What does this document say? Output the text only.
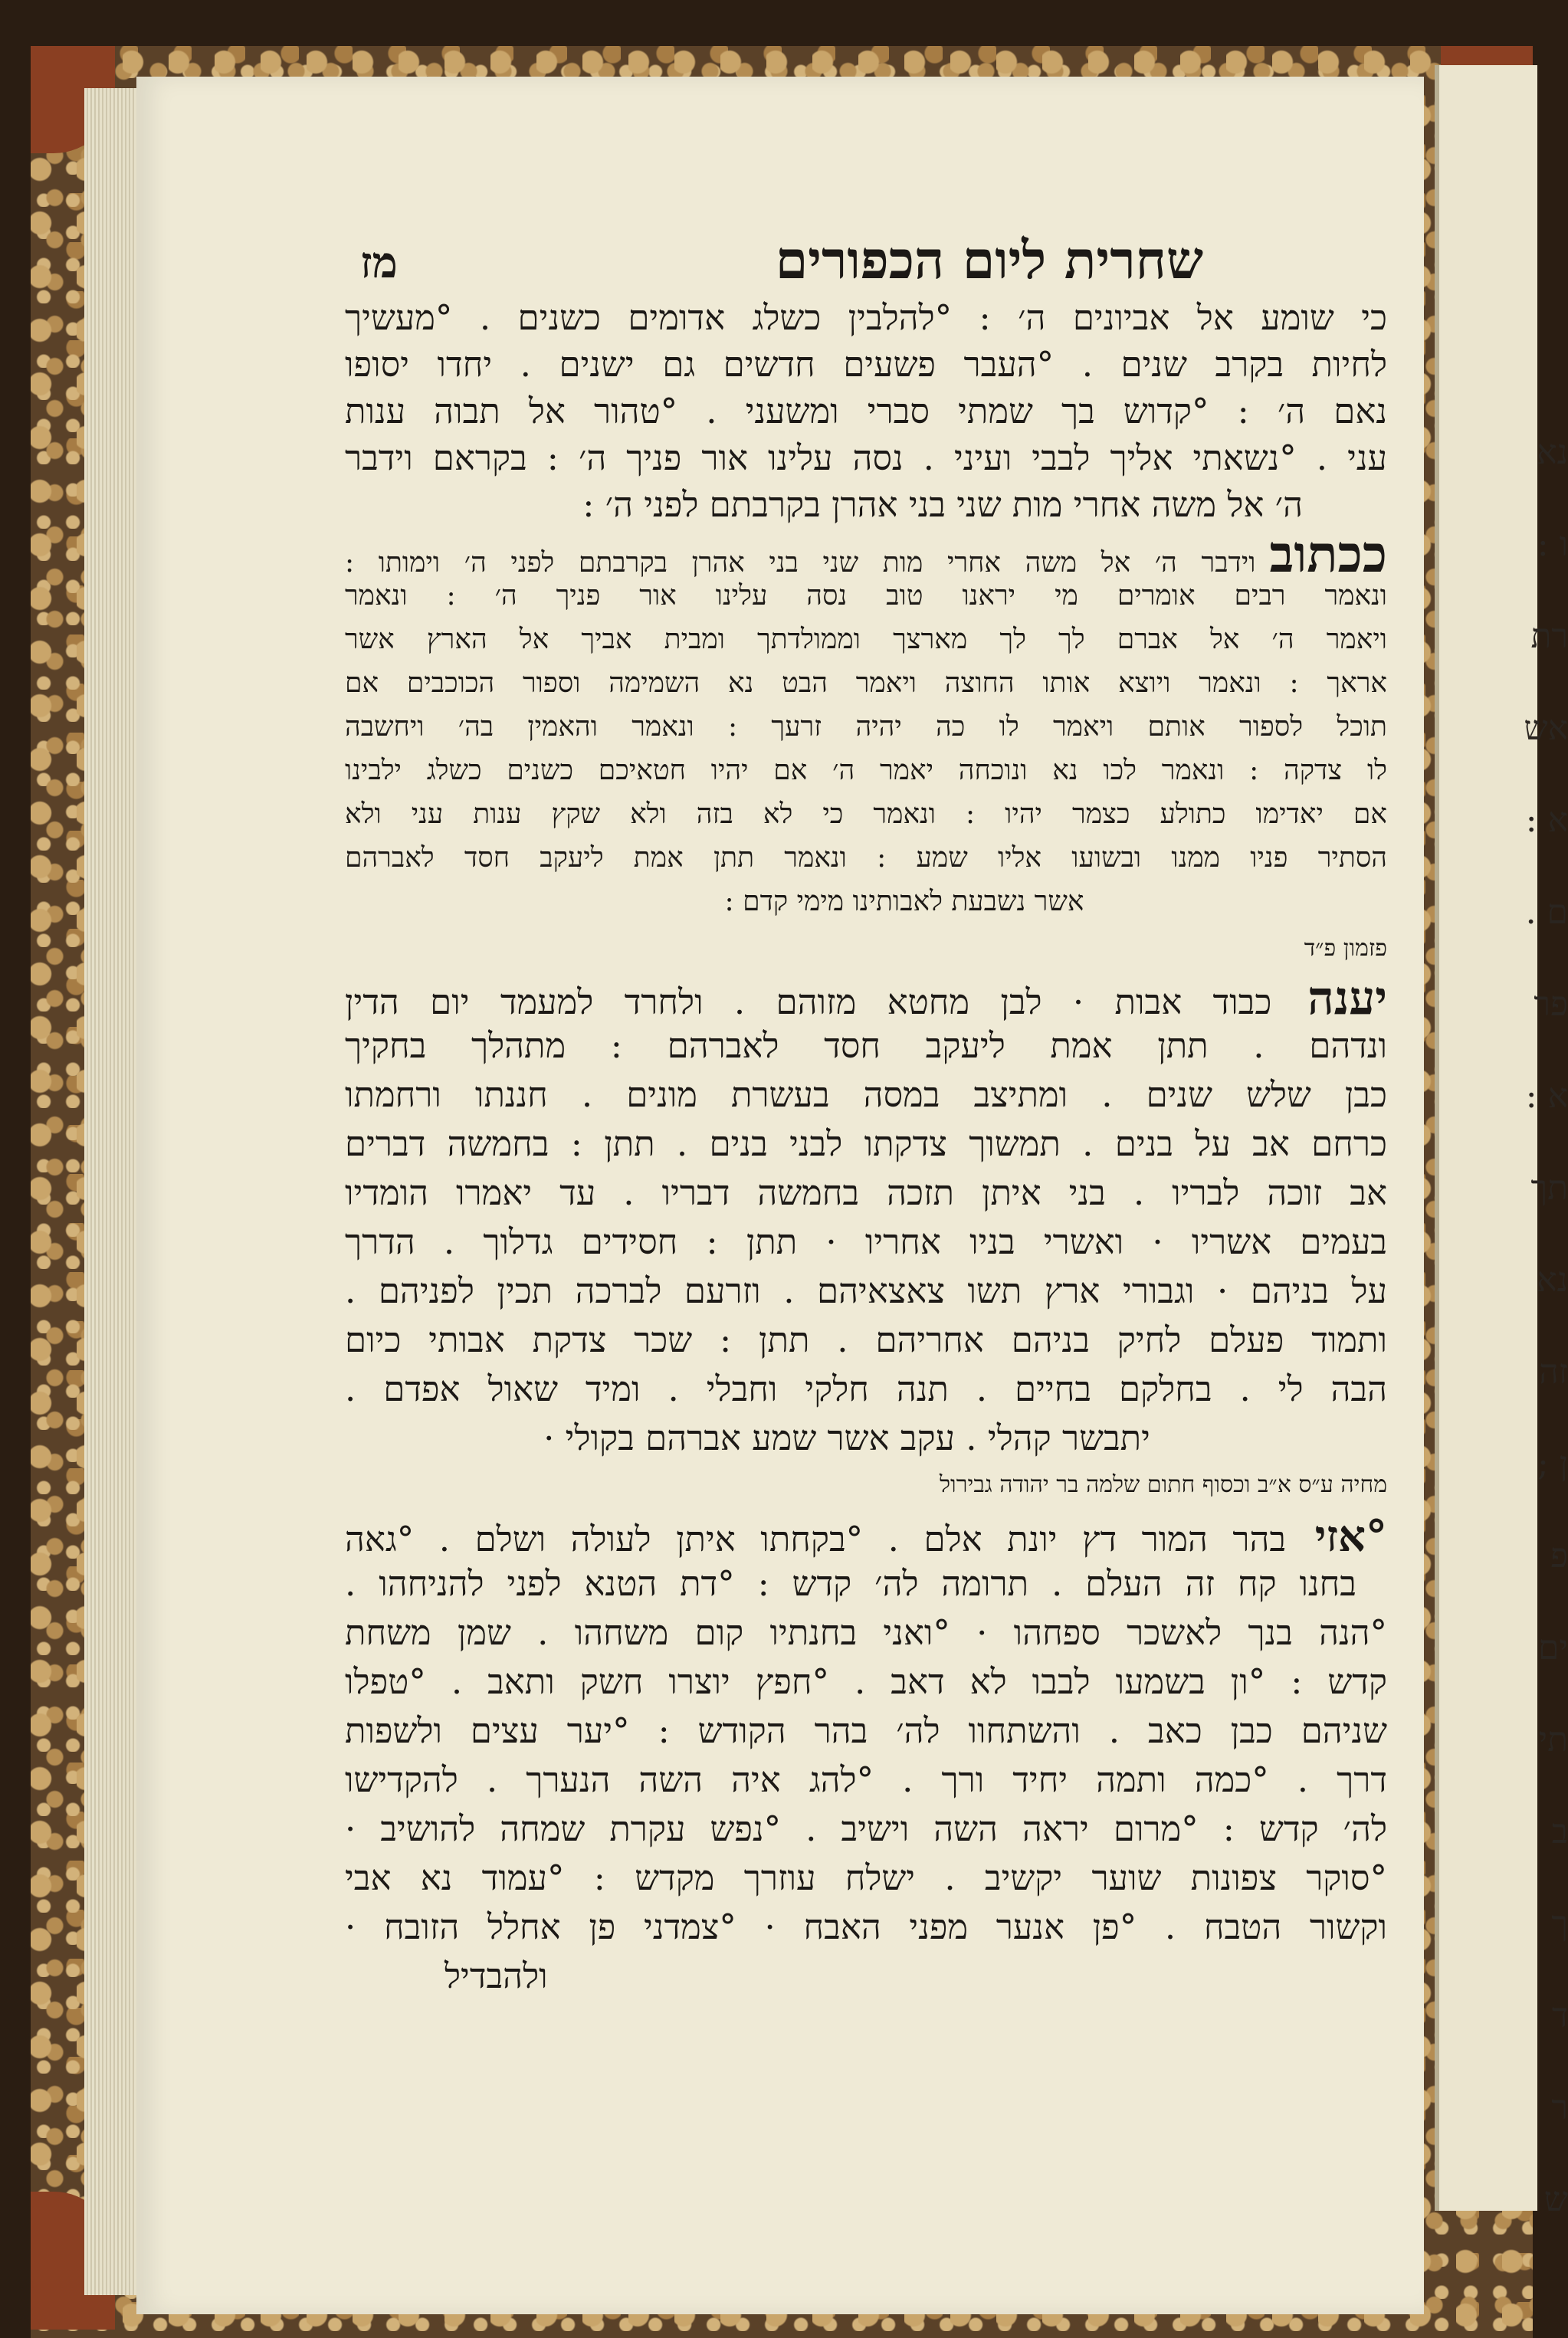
נא
ו :
רת
אש
א :
ם .
פר
א :
תך
נא
זה
ן ;
פ
ים
תי
ב
ך
ד
ר
ש
שחרית ליום הכפורים
מז
כי שומע אל אביונים ה׳ : °להלבין כשלג אדומים כשנים . °מעשיך
לחיות בקרב שנים . °העבר פשעים חדשים גם ישנים . יחדו יסופו
נאם ה׳ : °קדוש בך שמתי סברי ומשעני . °טהור אל תבוה ענות
עני . °נשאתי אליך לבבי ועיני . נסה עלינו אור פניך ה׳ : בקראם וידבר
ה׳ אל משה אחרי מות שני בני אהרן בקרבתם לפני ה׳ :
ככתובוידבר ה׳ אל משה אחרי מות שני בני אהרן בקרבתם לפני ה׳ וימותו :
ונאמר רבים אומרים מי יראנו טוב נסה עלינו אור פניך ה׳ : ונאמר
ויאמר ה׳ אל אברם לך לך מארצך וממולדתך ומבית אביך אל הארץ אשר
אראך : ונאמר ויוצא אותו החוצה ויאמר הבט נא השמימה וספור הכוכבים אם
תוכל לספור אותם ויאמר לו כה יהיה זרעך : ונאמר והאמין בה׳ ויחשבה
לו צדקה : ונאמר לכו נא ונוכחה יאמר ה׳ אם יהיו חטאיכם כשנים כשלג ילבינו
אם יאדימו כתולע כצמר יהיו : ונאמר כי לא בזה ולא שקץ ענות עני ולא
הסתיר פניו ממנו ובשועו אליו שמע : ונאמר תתן אמת ליעקב חסד לאברהם
אשר נשבעת לאבותינו מימי קדם :
פזמון פ״ד
יענה כבוד אבות · לבן מחטא מזוהם . ולחרד למעמד יום הדין
ונדהם . תתן אמת ליעקב חסד לאברהם : מתהלך בחקיך
כבן שלש שנים . ומתיצב במסה בעשרת מונים . חננתו ורחמתו
כרחם אב על בנים . תמשוך צדקתו לבני בנים . תתן : בחמשה דברים
אב זוכה לבריו . בני איתן תזכה בחמשה דבריו . עד יאמרו הומדיו
בעמים אשריו · ואשרי בניו אחריו · תתן : חסידים גדלוך . הדרך
על בניהם · וגבורי ארץ תשו צאצאיהם . וזרעם לברכה תכין לפניהם .
ותמוד פעלם לחיק בניהם אחריהם . תתן : שכר צדקת אבותי כיום
הבה לי . בחלקם בחיים . תנה חלקי וחבלי . ומיד שאול אפדם .
יתבשר קהלי . עקב אשר שמע אברהם בקולי ·
מחיה ע״ס א״ב וכסוף חתום שלמה בר יהודה גבירול
°אזי בהר המור דץ יונת אלם . °בקחתו איתן לעולה ושלם . °גאה
בחנו קח זה העלם . תרומה לה׳ קדש : °דת הטנא לפני להניחהו .
°הנה בנך לאשכר ספחהו · °ואני בחנתיו קום משחהו . שמן משחת
קדש : °ון בשמעו לבבו לא דאב . °חפץ יוצרו חשק ותאב . °טפלו
שניהם כבן כאב . והשתחוו לה׳ בהר הקודש : °יער עצים ולשפות
דרך . °כמה ותמה יחיד ורך . °להג איה השה הנערך . להקדישו
לה׳ קדש : °מרום יראה השה וישיב . °נפש עקרת שמחה להושיב ·
°סוקר צפונות שוער יקשיב . ישלח עוזרך מקדש : °עמוד נא אבי
וקשור הטבח . °פן אנער מפני האבח · °צמדני פן אחלל הזובח ·
ולהבדיל
